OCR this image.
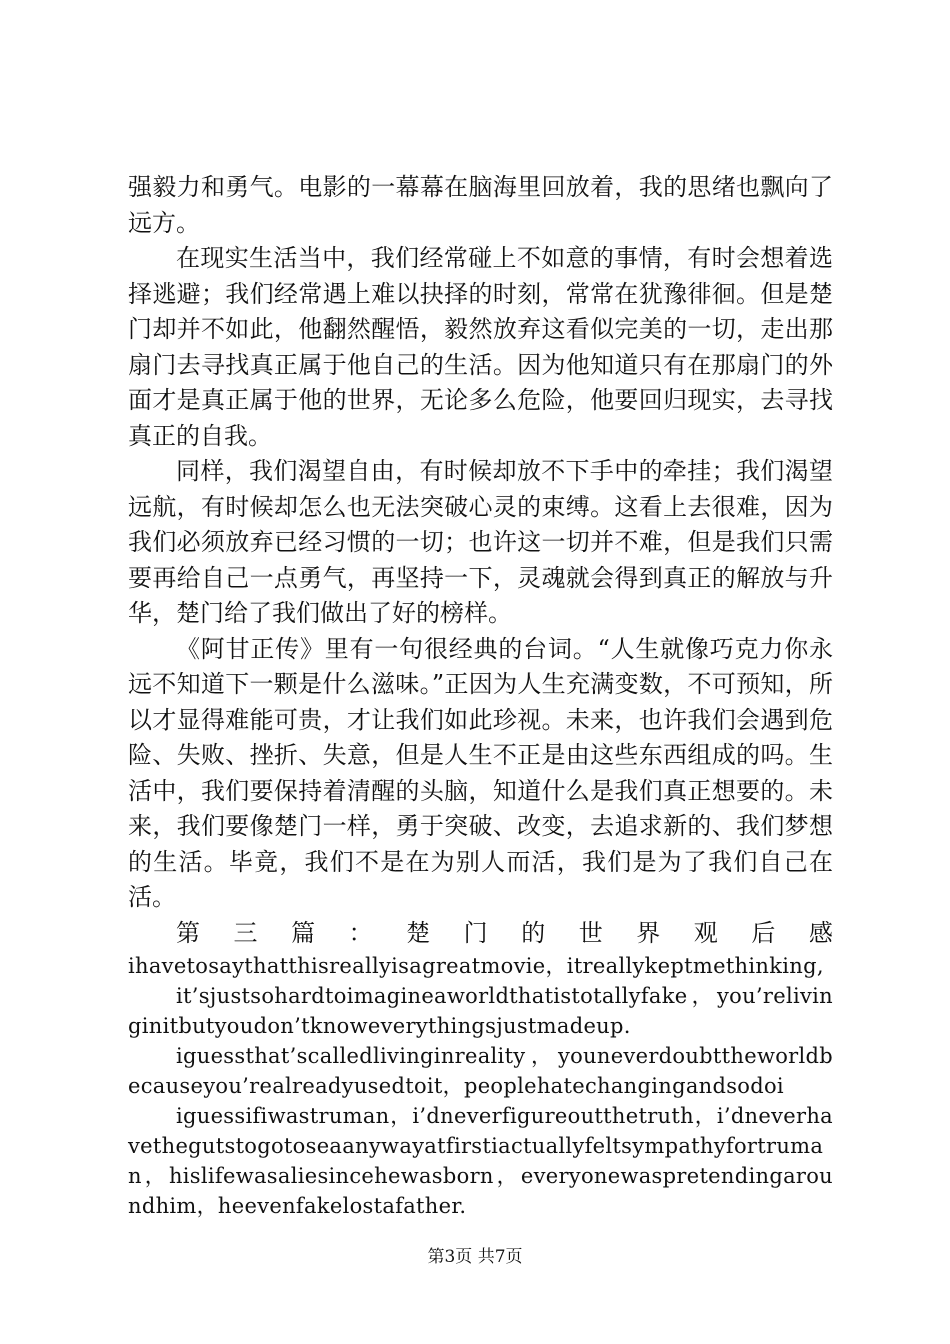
强毅力和勇气。电影的一幕幕在脑海里回放着，我的思绪也飘向了远方。

在现实生活当中，我们经常碰上不如意的事情，有时会想着选择逃避；我们经常遇上难以抉择的时刻，常常在犹豫徘徊。但是楚门却并不如此，他翻然醒悟，毅然放弃这看似完美的一切，走出那扇门去寻找真正属于他自己的生活。因为他知道只有在那扇门的外面才是真正属于他的世界，无论多么危险，他要回归现实，去寻找真正的自我。

同样，我们渴望自由，有时候却放不下手中的牵挂；我们渴望远航，有时候却怎么也无法突破心灵的束缚。这看上去很难，因为我们必须放弃已经习惯的一切；也许这一切并不难，但是我们只需要再给自己一点勇气，再坚持一下，灵魂就会得到真正的解放与升华，楚门给了我们做出了好的榜样。

《阿甘正传》里有一句很经典的台词。“人生就像巧克力你永远不知道下一颗是什么滋味。”正因为人生充满变数，不可预知，所以才显得难能可贵，才让我们如此珍视。未来，也许我们会遇到危险、失败、挫折、失意，但是人生不正是由这些东西组成的吗。生活中，我们要保持着清醒的头脑，知道什么是我们真正想要的。未来，我们要像楚门一样，勇于突破、改变，去追求新的、我们梦想的生活。毕竟，我们不是在为别人而活，我们是为了我们自己在活。

第 三 篇 ： 楚 门 的 世 界 观 后 感

ihavetosaythatthisreallyisagreatmovie，itreallykeptmethinking,

it’sjustsohardtoimagineaworldthatistotallyfake，you’relivinginitbutyoudon’tknoweverythingsjustmadeup.

iguessthat’scalledlivinginreality，youneverdoubttheworldbecauseyou’realreadyusedtoit，peoplehatechangingandsodoi

iguessifiwastruman，i’dneverfigureoutthetruth，i’dneverhavethegutstogotoseaanywayatfirstiactuallyfeltsympathyfortruman，hislifewasaliesincehewasborn，everyonewaspretendingaroundhim，heevenfakelostafather.

第3页 共7页
